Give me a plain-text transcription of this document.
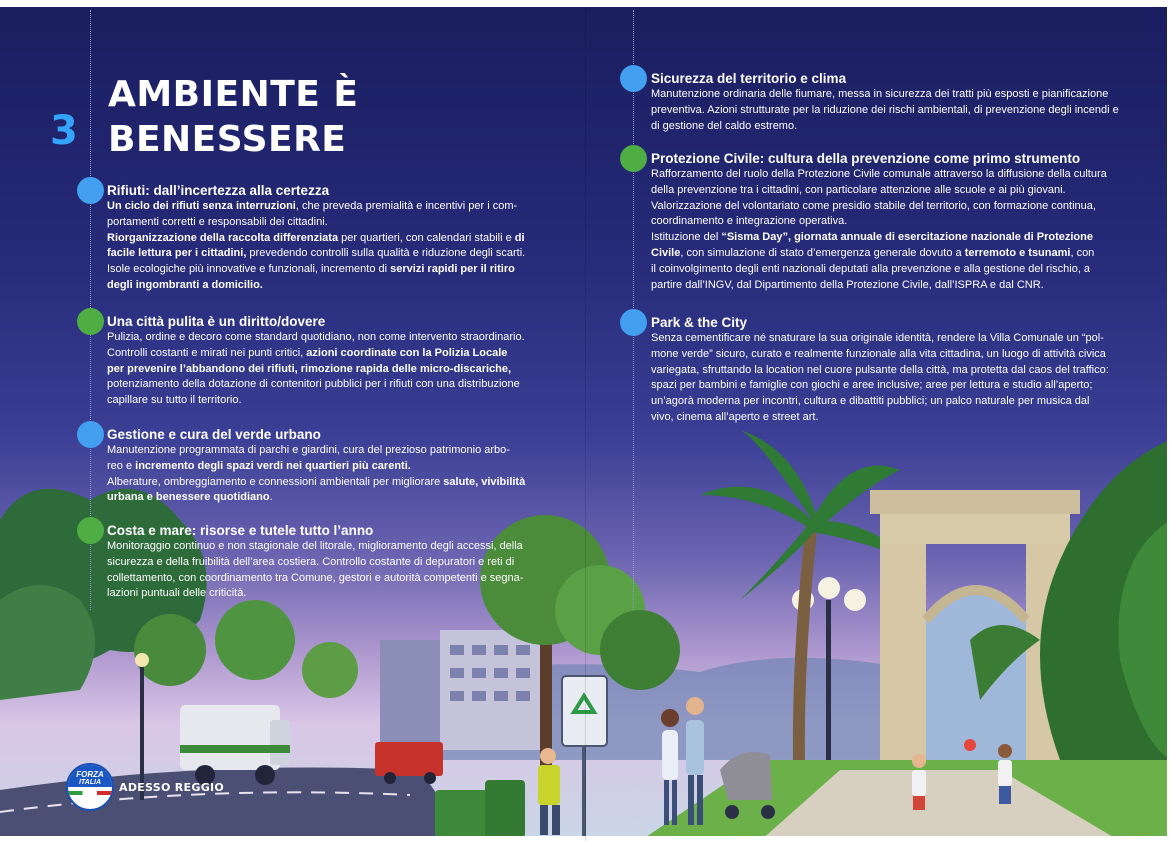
3
AMBIENTE È
BENESSERE
Rifiuti: dall’incertezza alla certezza

Un ciclo dei rifiuti senza interruzioni, che preveda premialità e incentivi per i com-
portamenti corretti e responsabili dei cittadini.
Riorganizzazione della raccolta differenziata per quartieri, con calendari stabili e di
facile lettura per i cittadini, prevedendo controlli sulla qualità e riduzione degli scarti.
Isole ecologiche più innovative e funzionali, incremento di servizi rapidi per il ritiro
degli ingombranti a domicilio.

Una città pulita è un diritto/dovere

Pulizia, ordine e decoro come standard quotidiano, non come intervento straordinario.
Controlli costanti e mirati nei punti critici, azioni coordinate con la Polizia Locale
per prevenire l’abbandono dei rifiuti, rimozione rapida delle micro-discariche,
potenziamento della dotazione di contenitori pubblici per i rifiuti con una distribuzione
capillare su tutto il territorio.

Gestione e cura del verde urbano

Manutenzione programmata di parchi e giardini, cura del prezioso patrimonio arbo-
reo e incremento degli spazi verdi nei quartieri più carenti.
Alberature, ombreggiamento e connessioni ambientali per migliorare salute, vivibilità
urbana e benessere quotidiano.

Costa e mare: risorse e tutele tutto l’anno

Monitoraggio continuo e non stagionale del litorale, miglioramento degli accessi, della
sicurezza e della fruibilità dell’area costiera. Controllo costante di depuratori e reti di
collettamento, con coordinamento tra Comune, gestori e autorità competenti e segna-
lazioni puntuali delle criticità.

Sicurezza del territorio e clima

Manutenzione ordinaria delle fiumare, messa in sicurezza dei tratti più esposti e pianificazione
preventiva. Azioni strutturate per la riduzione dei rischi ambientali, di prevenzione degli incendi e
di gestione del caldo estremo.

Protezione Civile: cultura della prevenzione come primo strumento

Rafforzamento del ruolo della Protezione Civile comunale attraverso la diffusione della cultura
della prevenzione tra i cittadini, con particolare attenzione alle scuole e ai più giovani.
Valorizzazione del volontariato come presidio stabile del territorio, con formazione continua,
coordinamento e integrazione operativa.
Istituzione del “Sisma Day”, giornata annuale di esercitazione nazionale di Protezione
Civile, con simulazione di stato d’emergenza generale dovuto a terremoto e tsunami, con
il coinvolgimento degli enti nazionali deputati alla prevenzione e alla gestione del rischio, a
partire dall’INGV, dal Dipartimento della Protezione Civile, dall’ISPRA e dal CNR.

Park & the City

Senza cementificare né snaturare la sua originale identità, rendere la Villa Comunale un “pol-
mone verde” sicuro, curato e realmente funzionale alla vita cittadina, un luogo di attività civica
variegata, sfruttando la location nel cuore pulsante della città, ma protetta dal caos del traffico:
spazi per bambini e famiglie con giochi e aree inclusive; aree per lettura e studio all’aperto;
un’agorà moderna per incontri, cultura e dibattiti pubblici; un palco naturale per musica dal
vivo, cinema all’aperto e street art.

FORZA
ITALIA	ADESSO REGGIO
